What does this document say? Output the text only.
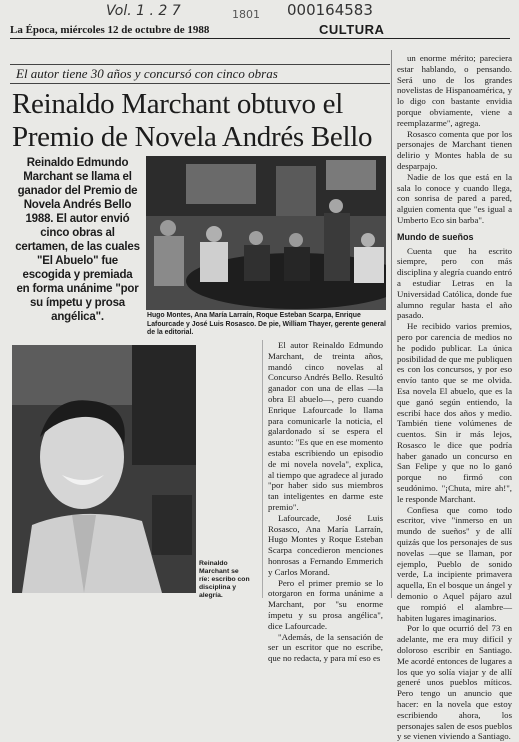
La Época, miércoles 12 de octubre de 1988	CULTURA
Vol. 1 . 2 7	1801 000164583
El autor tiene 30 años y concursó con cinco obras
Reinaldo Marchant obtuvo el
Premio de Novela Andrés Bello
Reinaldo Edmundo Marchant se llama el ganador del Premio de Novela Andrés Bello 1988. El autor envió cinco obras al certamen, de las cuales "El Abuelo" fue escogida y premiada en forma unánime "por su ímpetu y prosa angélica".	Hugo Montes, Ana María Larraín, Roque Esteban Scarpa, Enrique Lafourcade y José Luis Rosasco. De pie, William Thayer, gerente general de la editorial.
Reinaldo Marchant se ríe: escribo con disciplina y alegría.

El autor Reinaldo Edmundo Marchant, de treinta años, mandó cinco novelas al Concurso Andrés Bello. Resultó ganador con una de ellas —la obra El abuelo—, pero cuando Enrique Lafourcade lo llama para comunicarle la noticia, el galardonado sí se espera el asunto: "Es que en ese momento estaba escribiendo un episodio de mi novela novela", explica, al tiempo que agradece al jurado "por haber sido sus miembros tan inteligentes en darme este premio".

Lafourcade, José Luis Rosasco, Ana María Larraín, Hugo Montes y Roque Esteban Scarpa concedieron menciones honrosas a Fernando Emmerich y Carlos Morand.

Pero el primer premio se lo otorgaron en forma unánime a Marchant, por "su enorme ímpetu y su prosa angélica", dice Lafourcade.

"Además, de la sensación de ser un escritor que no escribe, que no redacta, y para mí eso es

un enorme mérito; pareciera estar hablando, o pensando. Será uno de los grandes novelistas de Hispanoamérica, y lo digo con bastante envidia porque obviamente, viene a reemplazarme", agrega.

Rosasco comenta que por los personajes de Marchant tienen delirio y Montes habla de su desparpajo.

Nadie de los que está en la sala lo conoce y cuando llega, con sonrisa de pared a pared, alguien comenta que "es igual a Umberto Eco sin barba".

Mundo de sueños

Cuenta que ha escrito siempre, pero con más disciplina y alegría cuando entró a estudiar Letras en la Universidad Católica, donde fue alumno regular hasta el año pasado.

He recibido varios premios, pero por carencia de medios no he podido publicar. La única posibilidad de que me publiquen es con los concursos, y por eso envío tanto que se me olvida. Esa novela El abuelo, que es la que ganó según entiendo, la escribí hace dos años y medio. También tiene volúmenes de cuentos. Sin ir más lejos, Rosasco le dice que podría haber ganado un concurso en San Felipe y que no lo ganó porque no firmó con seudónimo. "¡Chuta, mire ah!", le responde Marchant.

Confiesa que como todo escritor, vive "inmerso en un mundo de sueños" y de allí quizás que los personajes de sus novelas —que se llaman, por ejemplo, Pueblo de sonido verde, La incipiente primavera aquella, En el bosque un ángel y demonio o Aquel pájaro azul que rompió el alambre— habiten lugares imaginarios.

Por lo que ocurrió del 73 en adelante, me era muy difícil y doloroso escribir en Santiago. Me acordé entonces de lugares a los que yo solía viajar y de allí generé unos pueblos míticos. Pero tengo un anuncio que hacer: en la novela que estoy escribiendo ahora, los personajes salen de esos pueblos y se vienen viviendo a Santiago.
